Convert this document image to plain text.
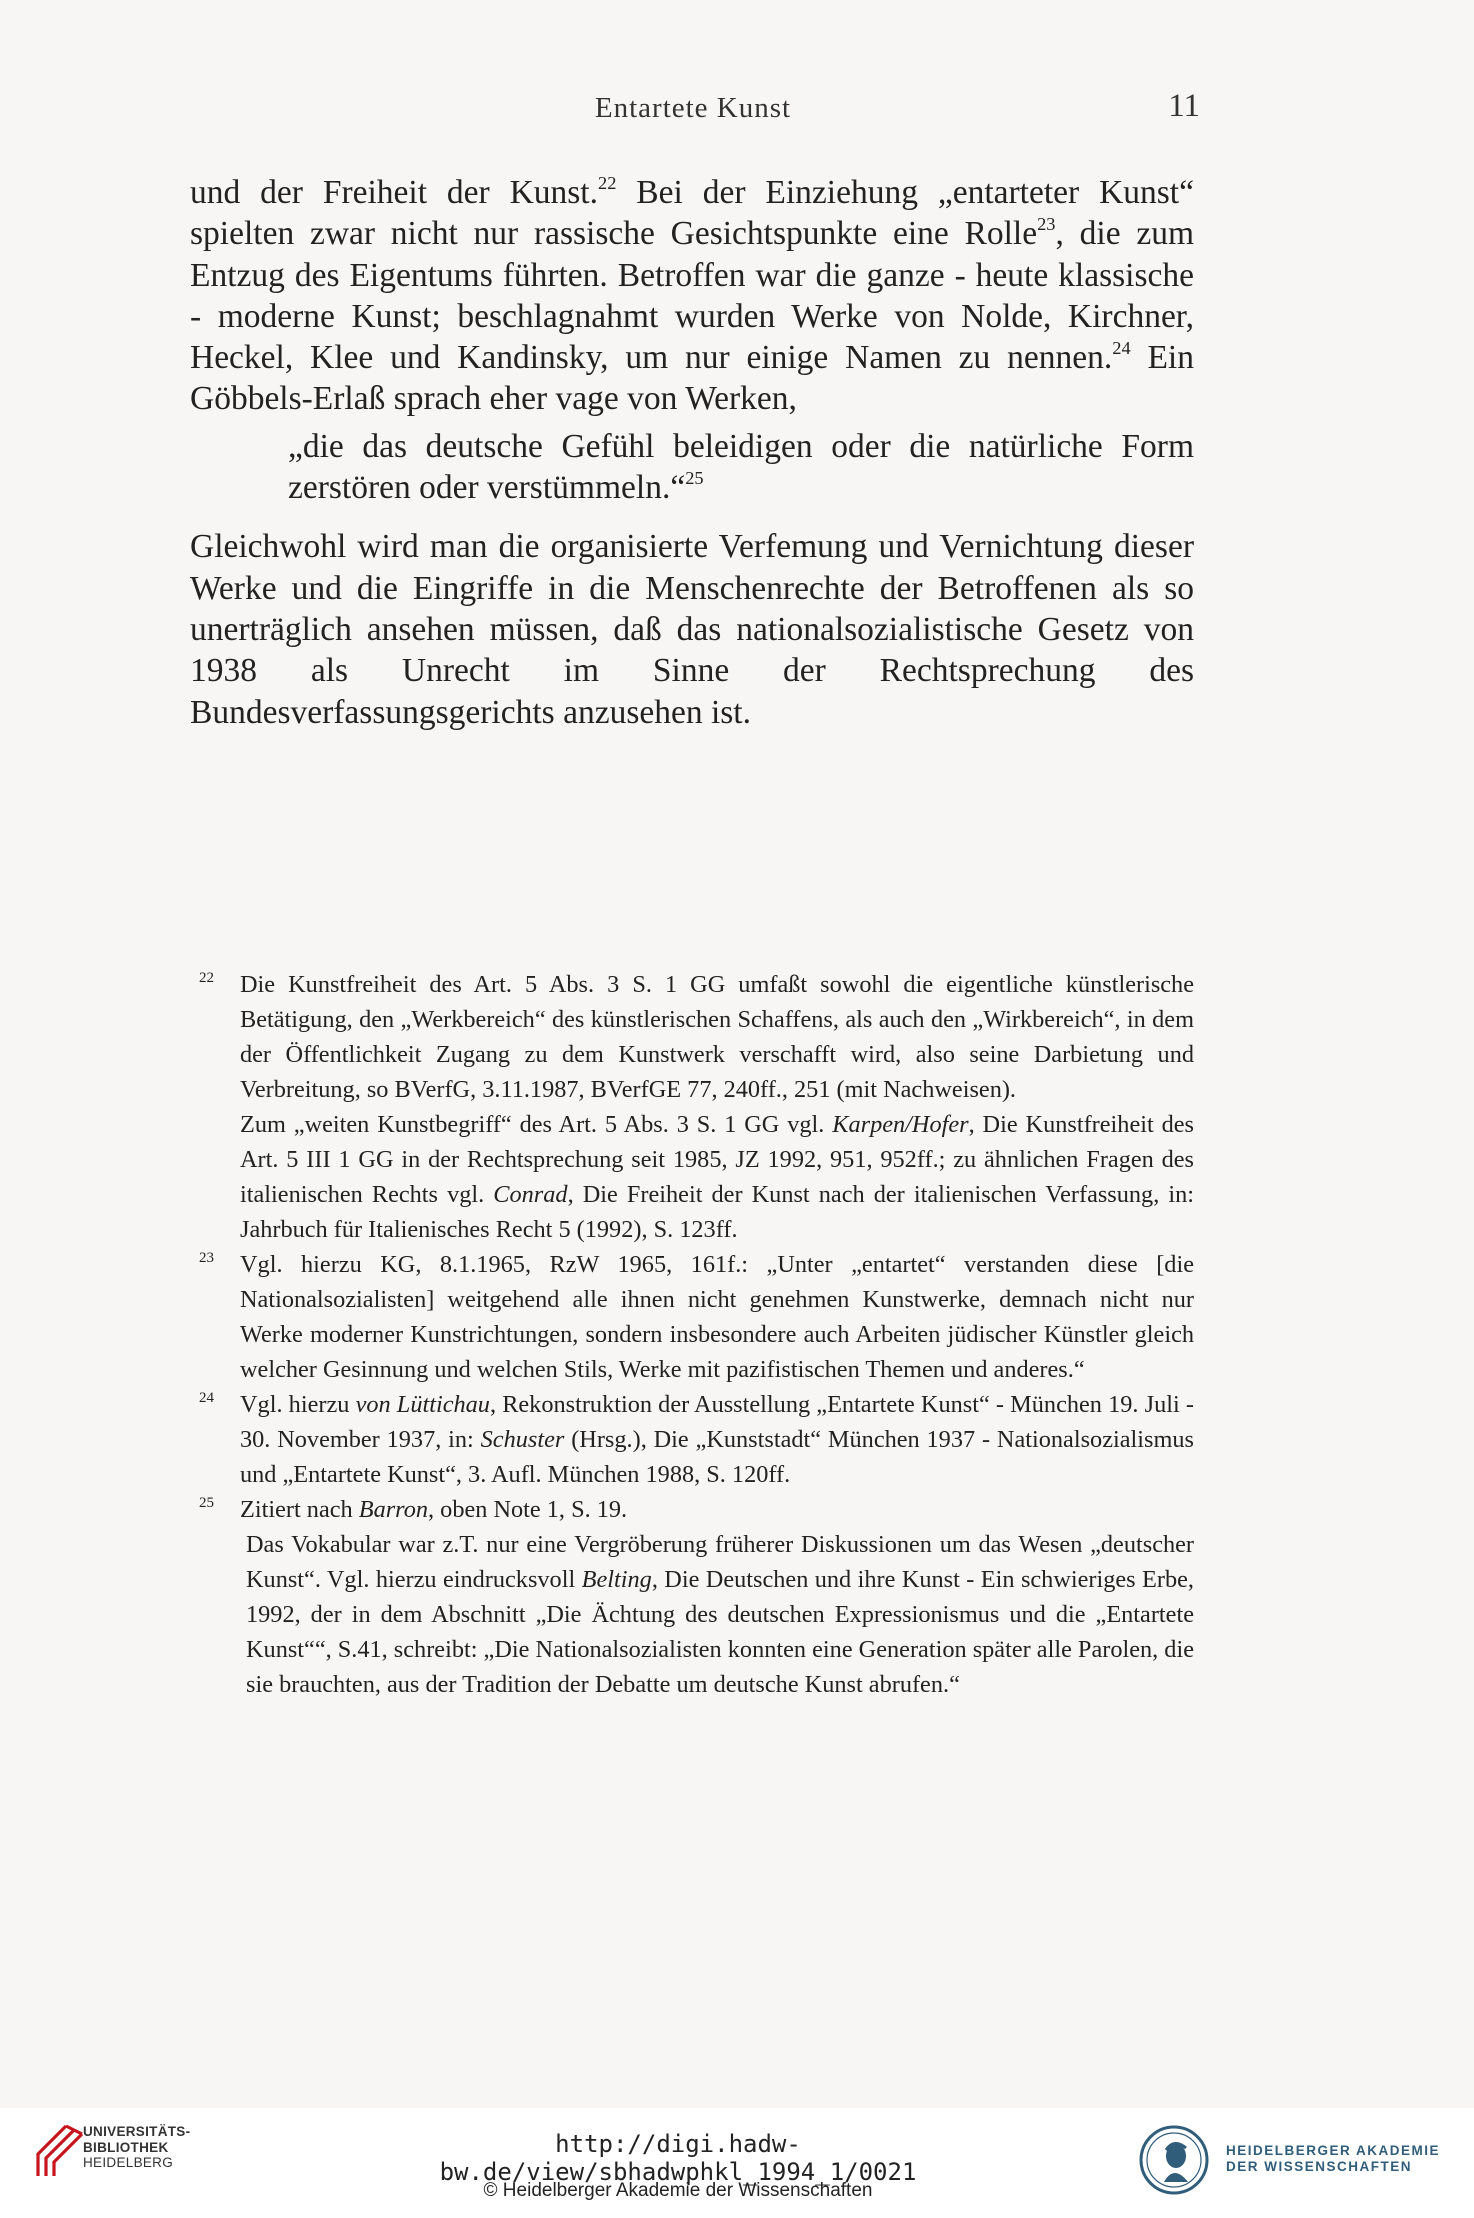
Entartete Kunst	11

und der Freiheit der Kunst.$^{22}$ Bei der Einziehung „entarteter Kunst“ spielten zwar nicht nur rassische Gesichtspunkte eine Rolle$^{23}$, die zum Entzug des Eigentums führten. Betroffen war die ganze - heute klassische - moderne Kunst; beschlagnahmt wurden Werke von Nolde, Kirchner, Heckel, Klee und Kandinsky, um nur einige Namen zu nennen.$^{24}$ Ein Göbbels-Erlaß sprach eher vage von Werken,

„die das deutsche Gefühl beleidigen oder die natürliche Form zerstören oder verstümmeln.“$^{25}$

Gleichwohl wird man die organisierte Verfemung und Vernichtung dieser Werke und die Eingriffe in die Menschenrechte der Betroffenen als so unerträglich ansehen müssen, daß das nationalsozialistische Gesetz von 1938 als Unrecht im Sinne der Rechtsprechung des Bundesverfassungsgerichts anzusehen ist.

22 Die Kunstfreiheit des Art. 5 Abs. 3 S. 1 GG umfaßt sowohl die eigentliche künstlerische Betätigung, den „Werkbereich“ des künstlerischen Schaffens, als auch den „Wirkbereich“, in dem der Öffentlichkeit Zugang zu dem Kunstwerk verschafft wird, also seine Darbietung und Verbreitung, so BVerfG, 3.11.1987, BVerfGE 77, 240ff., 251 (mit Nachweisen).

Zum „weiten Kunstbegriff“ des Art. 5 Abs. 3 S. 1 GG vgl. Karpen/Hofer, Die Kunstfreiheit des Art. 5 III 1 GG in der Rechtsprechung seit 1985, JZ 1992, 951, 952ff.; zu ähnlichen Fragen des italienischen Rechts vgl. Conrad, Die Freiheit der Kunst nach der italienischen Verfassung, in: Jahrbuch für Italienisches Recht 5 (1992), S. 123ff.

23 Vgl. hierzu KG, 8.1.1965, RzW 1965, 161f.: „Unter „entartet“ verstanden diese [die Nationalsozialisten] weitgehend alle ihnen nicht genehmen Kunstwerke, demnach nicht nur Werke moderner Kunstrichtungen, sondern insbesondere auch Arbeiten jüdischer Künstler gleich welcher Gesinnung und welchen Stils, Werke mit pazifistischen Themen und anderes.“

24 Vgl. hierzu von Lüttichau, Rekonstruktion der Ausstellung „Entartete Kunst“ - München 19. Juli - 30. November 1937, in: Schuster (Hrsg.), Die „Kunststadt“ München 1937 - Nationalsozialismus und „Entartete Kunst“, 3. Aufl. München 1988, S. 120ff.

25 Zitiert nach Barron, oben Note 1, S. 19.

Das Vokabular war z.T. nur eine Vergröberung früherer Diskussionen um das Wesen „deutscher Kunst“. Vgl. hierzu eindrucksvoll Belting, Die Deutschen und ihre Kunst - Ein schwieriges Erbe, 1992, der in dem Abschnitt „Die Ächtung des deutschen Expressionismus und die „Entartete Kunst““, S.41, schreibt: „Die Nationalsozialisten konnten eine Generation später alle Parolen, die sie brauchten, aus der Tradition der Debatte um deutsche Kunst abrufen.“

UNIVERSITÄTS-
BIBLIOTHEK
HEIDELBERG
http://digi.hadw-bw.de/view/sbhadwphkl_1994_1/0021
© Heidelberger Akademie der Wissenschaften
HEIDELBERGER AKADEMIE
DER WISSENSCHAFTEN
